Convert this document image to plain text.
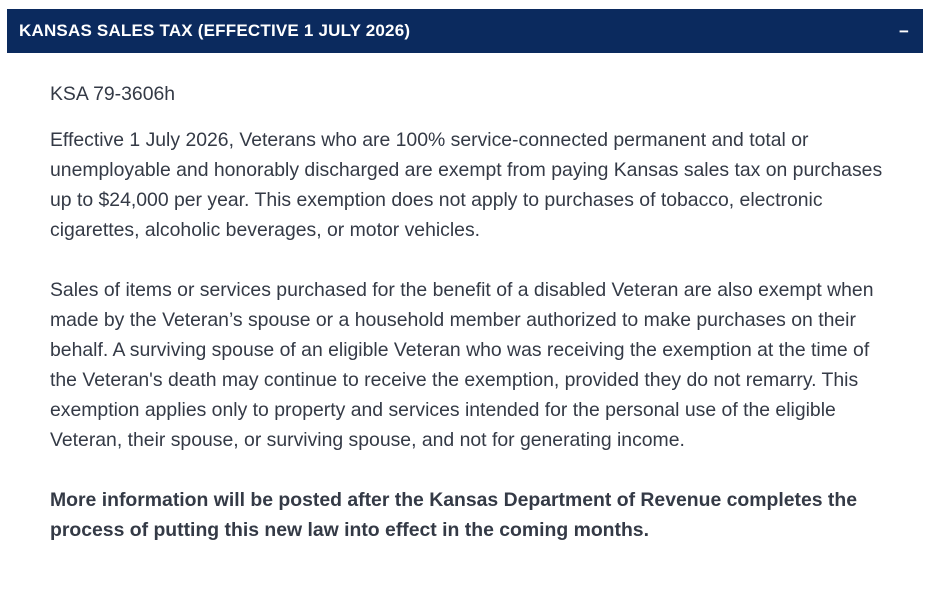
KANSAS SALES TAX (EFFECTIVE 1 JULY 2026)	−

KSA 79-3606h

Effective 1 July 2026, Veterans who are 100% service-connected permanent and total or unemployable and honorably discharged are exempt from paying Kansas sales tax on purchases up to $24,000 per year. This exemption does not apply to purchases of tobacco, electronic cigarettes, alcoholic beverages, or motor vehicles.

Sales of items or services purchased for the benefit of a disabled Veteran are also exempt when made by the Veteran’s spouse or a household member authorized to make purchases on their behalf. A surviving spouse of an eligible Veteran who was receiving the exemption at the time of the Veteran's death may continue to receive the exemption, provided they do not remarry. This exemption applies only to property and services intended for the personal use of the eligible Veteran, their spouse, or surviving spouse, and not for generating income.

More information will be posted after the Kansas Department of Revenue completes the process of putting this new law into effect in the coming months.
